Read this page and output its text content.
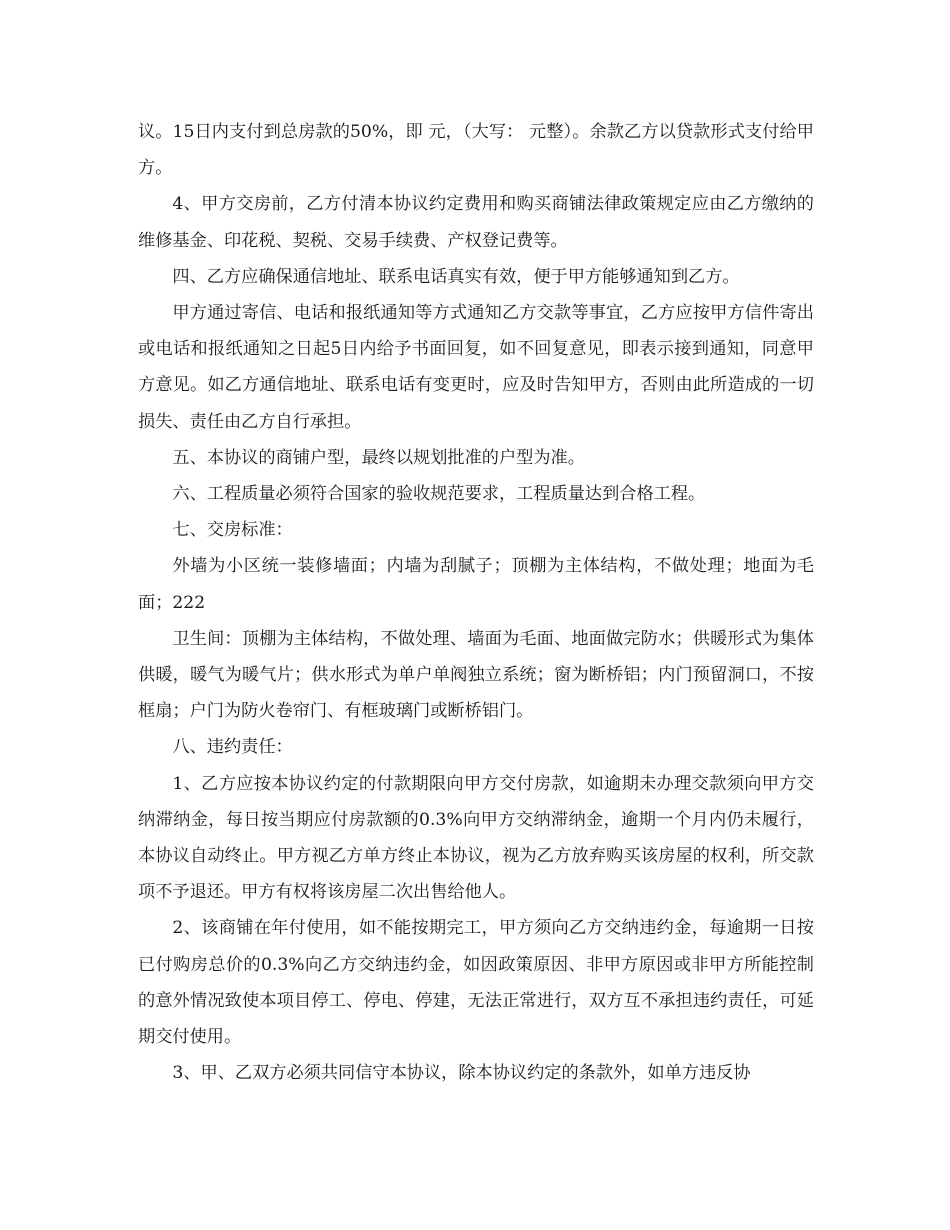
议。15日内支付到总房款的50%，即 元，（大写： 元整）。余款乙方以贷款形式支付给甲方。

4、甲方交房前，乙方付清本协议约定费用和购买商铺法律政策规定应由乙方缴纳的维修基金、印花税、契税、交易手续费、产权登记费等。

四、乙方应确保通信地址、联系电话真实有效，便于甲方能够通知到乙方。

甲方通过寄信、电话和报纸通知等方式通知乙方交款等事宜，乙方应按甲方信件寄出或电话和报纸通知之日起5日内给予书面回复，如不回复意见，即表示接到通知，同意甲方意见。如乙方通信地址、联系电话有变更时，应及时告知甲方，否则由此所造成的一切损失、责任由乙方自行承担。

五、本协议的商铺户型，最终以规划批准的户型为准。

六、工程质量必须符合国家的验收规范要求，工程质量达到合格工程。

七、交房标准：

外墙为小区统一装修墙面；内墙为刮腻子；顶棚为主体结构，不做处理；地面为毛面；222

卫生间：顶棚为主体结构，不做处理、墙面为毛面、地面做完防水；供暖形式为集体供暖，暖气为暖气片；供水形式为单户单阀独立系统；窗为断桥铝；内门预留洞口，不按框扇；户门为防火卷帘门、有框玻璃门或断桥铝门。

八、违约责任：

1、乙方应按本协议约定的付款期限向甲方交付房款，如逾期未办理交款须向甲方交纳滞纳金，每日按当期应付房款额的0.3%向甲方交纳滞纳金，逾期一个月内仍未履行，本协议自动终止。甲方视乙方单方终止本协议，视为乙方放弃购买该房屋的权利，所交款项不予退还。甲方有权将该房屋二次出售给他人。

2、该商铺在年付使用，如不能按期完工，甲方须向乙方交纳违约金，每逾期一日按已付购房总价的0.3%向乙方交纳违约金，如因政策原因、非甲方原因或非甲方所能控制的意外情况致使本项目停工、停电、停建，无法正常进行，双方互不承担违约责任，可延期交付使用。

3、甲、乙双方必须共同信守本协议，除本协议约定的条款外，如单方违反协
